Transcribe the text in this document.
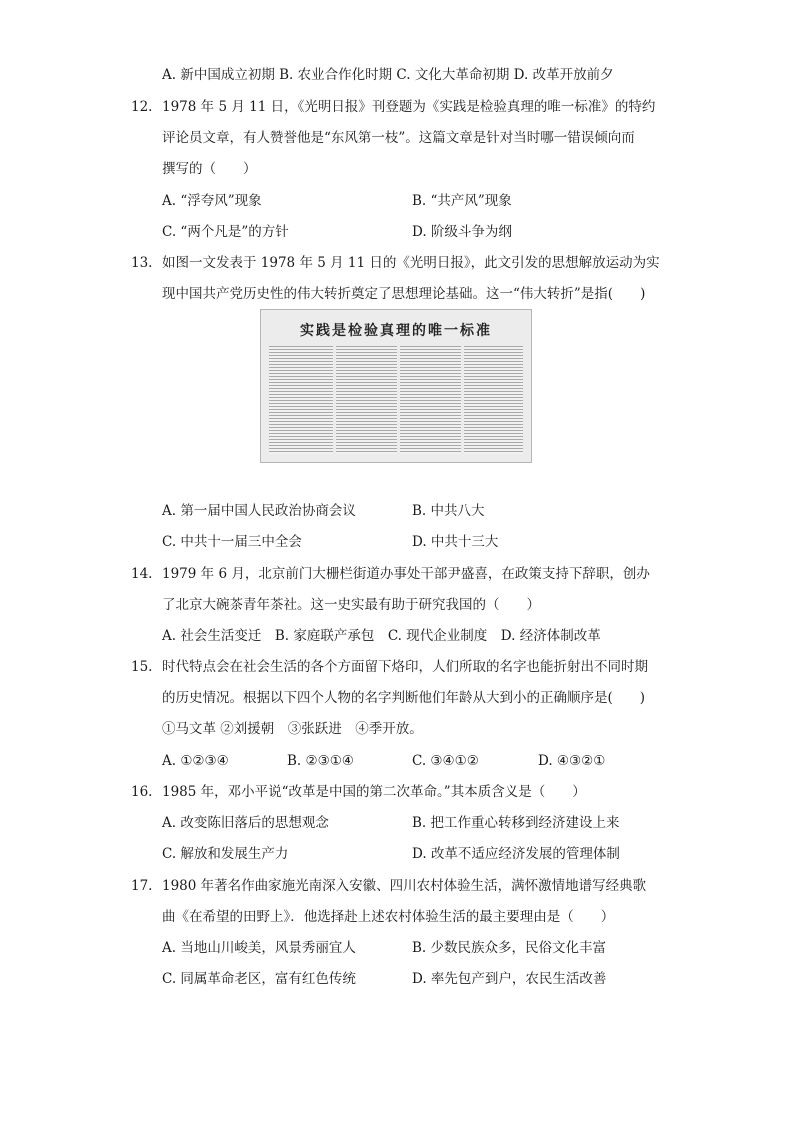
A. 新中国成立初期 B. 农业合作化时期 C. 文化大革命初期 D. 改革开放前夕
12. 1978 年 5 月 11 日，《光明日报》刊登题为《实践是检验真理的唯一标准》的特约
评论员文章，有人赞誉他是“东风第一枝”。这篇文章是针对当时哪一错误倾向而
撰写的（　　）
A. “浮夸风”现象	B. “共产风”现象
C. “两个凡是”的方针	D. 阶级斗争为纲
13. 如图一文发表于 1978 年 5 月 11 日的《光明日报》，此文引发的思想解放运动为实
现中国共产党历史性的伟大转折奠定了思想理论基础。这一“伟大转折”是指(　　)
实践是检验真理的唯一标准
A. 第一届中国人民政治协商会议	B. 中共八大
C. 中共十一届三中全会	D. 中共十三大
14. 1979 年 6 月，北京前门大栅栏街道办事处干部尹盛喜，在政策支持下辞职，创办
了北京大碗茶青年茶社。这一史实最有助于研究我国的（　　）
A. 社会生活变迁　B. 家庭联产承包　C. 现代企业制度　D. 经济体制改革
15. 时代特点会在社会生活的各个方面留下烙印，人们所取的名字也能折射出不同时期
的历史情况。根据以下四个人物的名字判断他们年龄从大到小的正确顺序是(　　)
①马文革 ②刘援朝　③张跃进　④季开放。
A. ①②③④	B. ②③①④	C. ③④①②	D. ④③②①
16. 1985 年，邓小平说“改革是中国的第二次革命。”其本质含义是（　　）
A. 改变陈旧落后的思想观念	B. 把工作重心转移到经济建设上来
C. 解放和发展生产力	D. 改革不适应经济发展的管理体制
17. 1980 年著名作曲家施光南深入安徽、四川农村体验生活，满怀激情地谱写经典歌
曲《在希望的田野上》．他选择赴上述农村体验生活的最主要理由是（　　）
A. 当地山川峻美，风景秀丽宜人	B. 少数民族众多，民俗文化丰富
C. 同属革命老区，富有红色传统	D. 率先包产到户，农民生活改善
